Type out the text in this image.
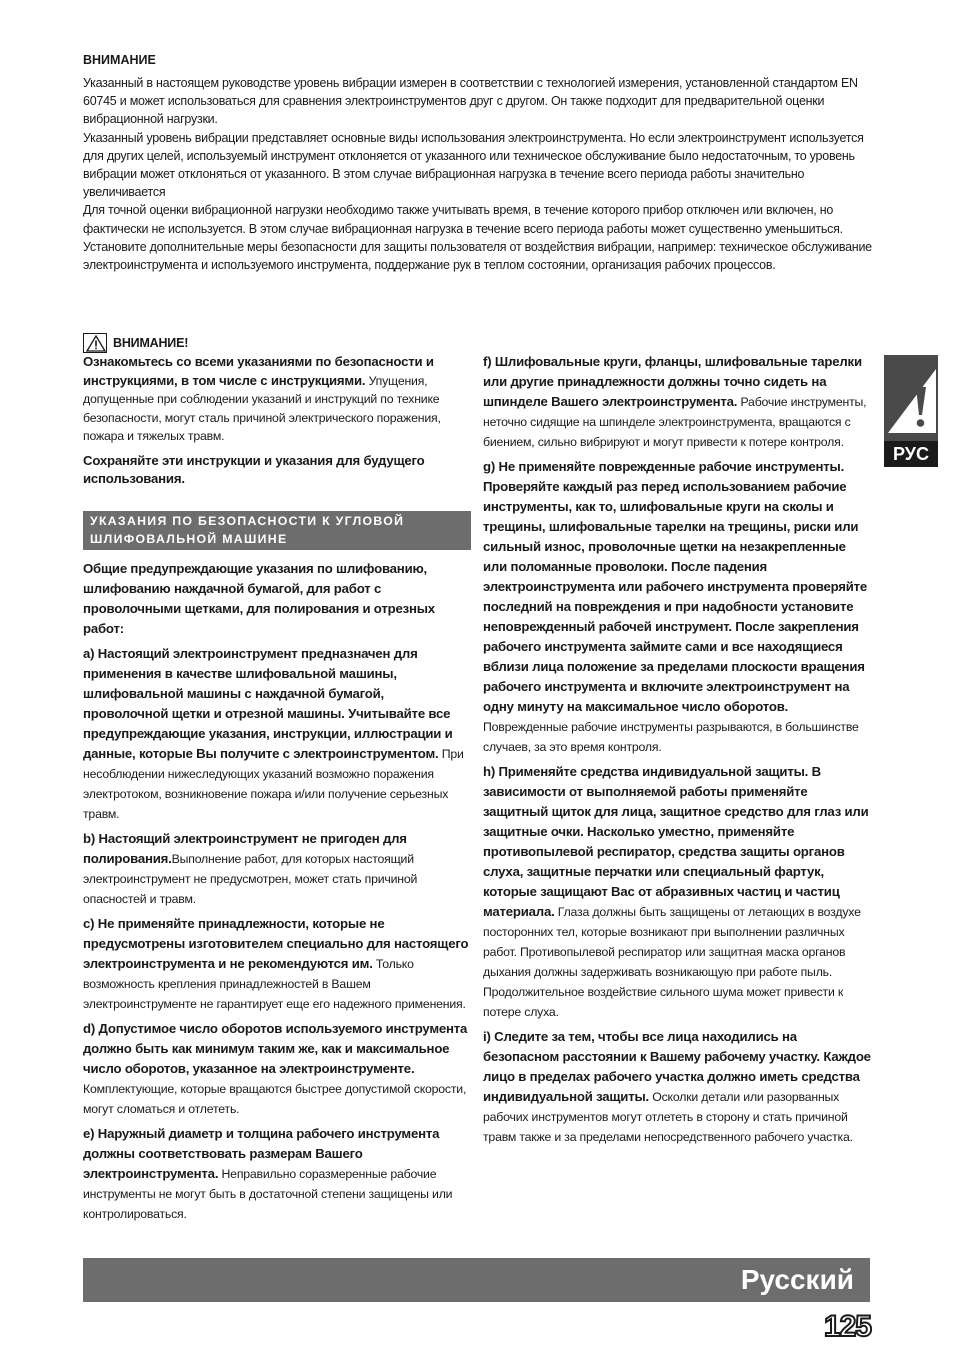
ВНИМАНИЕ

Указанный в настоящем руководстве уровень вибрации измерен в соответствии с технологией измерения, установленной стандартом EN 60745 и может использоваться для сравнения электроинструментов друг с другом. Он также подходит для предварительной оценки вибрационной нагрузки.

Указанный уровень вибрации представляет основные виды использования электроинструмента. Но если электроинструмент используется для других целей, используемый инструмент отклоняется от указанного или техническое обслуживание было недостаточным, то уровень вибрации может отклоняться от указанного. В этом случае вибрационная нагрузка в течение всего периода работы значительно увеличивается

Для точной оценки вибрационной нагрузки необходимо также учитывать время, в течение которого прибор отключен или включен, но фактически не используется. В этом случае вибрационная нагрузка в течение всего периода работы может существенно уменьшиться.

Установите дополнительные меры безопасности для защиты пользователя от воздействия вибрации, например: техническое обслуживание электроинструмента и используемого инструмента, поддержание рук в теплом состоянии, организация рабочих процессов.

ВНИМАНИЕ!
Ознакомьтесь со всеми указаниями по безопасности и инструкциями, в том числе с инструкциями. Упущения, допущенные при соблюдении указаний и инструкций по технике безопасности, могут сталь причиной электрического поражения, пожара и тяжелых травм.
Сохраняйте эти инструкции и указания для будущего использования.
УКАЗАНИЯ ПО БЕЗОПАСНОСТИ К УГЛОВОЙ
ШЛИФОВАЛЬНОЙ МАШИНЕ
Общие предупреждающие указания по шлифованию, шлифованию наждачной бумагой, для работ с проволочными щетками, для полирования и отрезных работ:
a) Настоящий электроинструмент предназначен для применения в качестве шлифовальной машины, шлифовальной машины с наждачной бумагой, проволочной щетки и отрезной машины. Учитывайте все предупреждающие указания, инструкции, иллюстрации и данные, которые Вы получите с электроинструментом. При несоблюдении нижеследующих указаний возможно поражения электротоком, возникновение пожара и/или получение серьезных травм.
b) Настоящий электроинструмент не пригоден для полирования.Выполнение работ, для которых настоящий электроинструмент не предусмотрен, может стать причиной опасностей и травм.
c) Не применяйте принадлежности, которые не предусмотрены изготовителем специально для настоящего электроинструмента и не рекомендуются им. Только возможность крепления принадлежностей в Вашем электроинструменте не гарантирует еще его надежного применения.
d) Допустимое число оборотов используемого инструмента должно быть как минимум таким же, как и максимальное число оборотов, указанное на электроинструменте. Комплектующие, которые вращаются быстрее допустимой скорости, могут сломаться и отлететь.
e) Наружный диаметр и толщина рабочего инструмента должны соответствовать размерам Вашего электроинструмента. Неправильно соразмеренные рабочие инструменты не могут быть в достаточной степени защищены или контролироваться.
f) Шлифовальные круги, фланцы, шлифовальные тарелки или другие принадлежности должны точно сидеть на шпинделе Вашего электроинструмента. Рабочие инструменты, неточно сидящие на шпинделе электроинструмента, вращаются с биением, сильно вибрируют и могут привести к потере контроля.
g) Не применяйте поврежденные рабочие инструменты. Проверяйте каждый раз перед использованием рабочие инструменты, как то, шлифовальные круги на сколы и трещины, шлифовальные тарелки на трещины, риски или сильный износ, проволочные щетки на незакрепленные или поломанные проволоки. После падения электроинструмента или рабочего инструмента проверяйте последний на повреждения и при надобности установите неповрежденный рабочей инструмент. После закрепления рабочего инструмента займите сами и все находящиеся вблизи лица положение за пределами плоскости вращения рабочего инструмента и включите электроинструмент на одну минуту на максимальное число оборотов. Поврежденные рабочие инструменты разрываются, в большинстве случаев, за это время контроля.
h) Применяйте средства индивидуальной защиты. В зависимости от выполняемой работы применяйте защитный щиток для лица, защитное средство для глаз или защитные очки. Насколько уместно, применяйте противопылевой респиратор, средства защиты органов слуха, защитные перчатки или специальный фартук, которые защищают Вас от абразивных частиц и частиц материала. Глаза должны быть защищены от летающих в воздухе посторонних тел, которые возникают при выполнении различных работ. Противопылевой респиратор или защитная маска органов дыхания должны задерживать возникающую при работе пыль. Продолжительное воздействие сильного шума может привести к потере слуха.
i) Следите за тем, чтобы все лица находились на безопасном расстоянии к Вашему рабочему участку. Каждое лицо в пределах рабочего участка должно иметь средства индивидуальной защиты. Осколки детали или разорванных рабочих инструментов могут отлететь в сторону и стать причиной травм также и за пределами непосредственного рабочего участка.
РУС
Русский
125
